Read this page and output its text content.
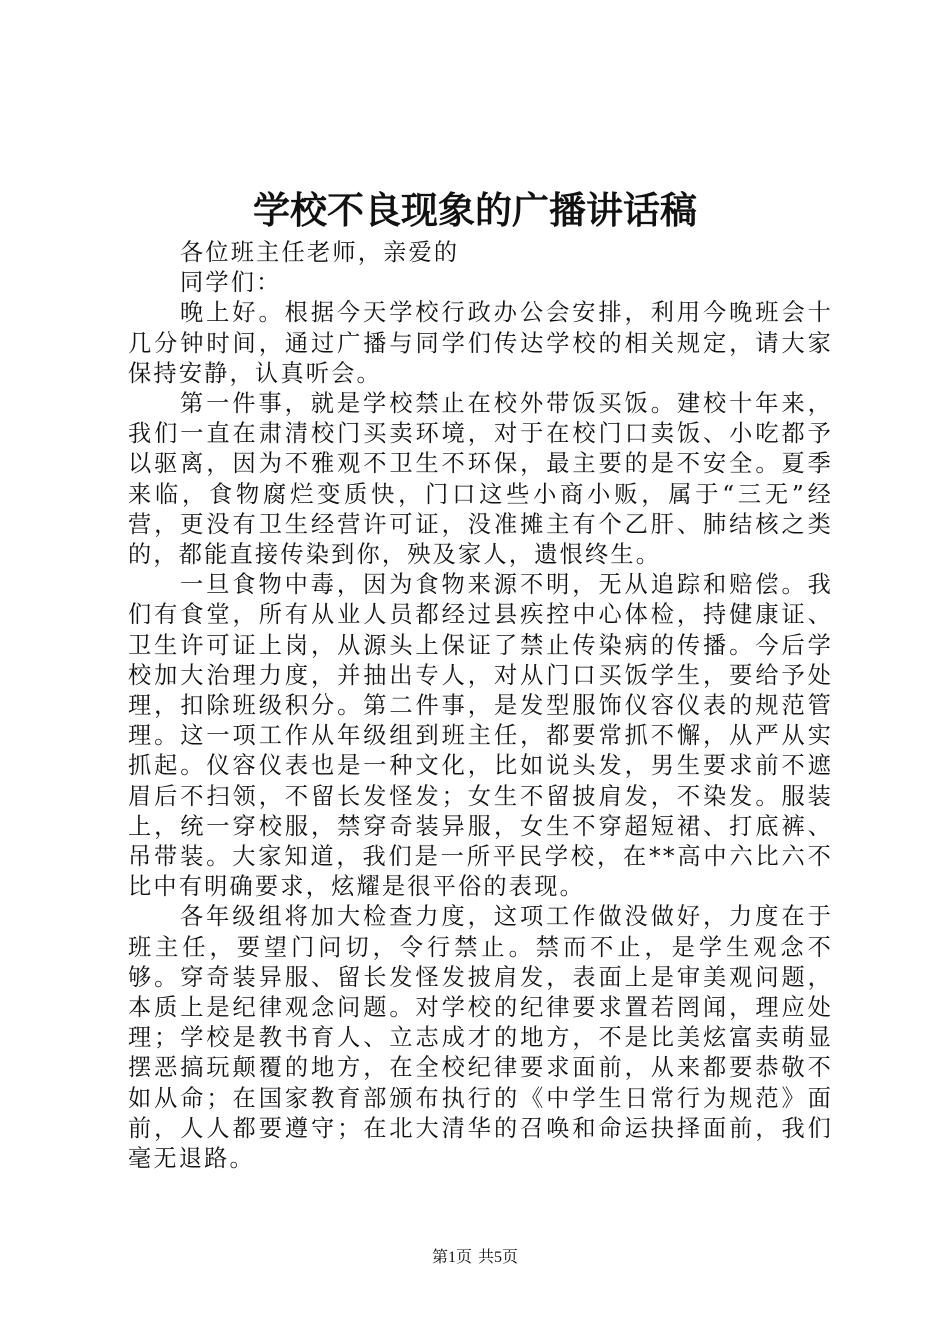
学校不良现象的广播讲话稿

各位班主任老师，亲爱的

同学们：

晚上好。根据今天学校行政办公会安排，利用今晚班会十几分钟时间，通过广播与同学们传达学校的相关规定，请大家保持安静，认真听会。

第一件事，就是学校禁止在校外带饭买饭。建校十年来，我们一直在肃清校门买卖环境，对于在校门口卖饭、小吃都予以驱离，因为不雅观不卫生不环保，最主要的是不安全。夏季来临，食物腐烂变质快，门口这些小商小贩，属于“三无”经营，更没有卫生经营许可证，没准摊主有个乙肝、肺结核之类的，都能直接传染到你，殃及家人，遗恨终生。

一旦食物中毒，因为食物来源不明，无从追踪和赔偿。我们有食堂，所有从业人员都经过县疾控中心体检，持健康证、卫生许可证上岗，从源头上保证了禁止传染病的传播。今后学校加大治理力度，并抽出专人，对从门口买饭学生，要给予处理，扣除班级积分。第二件事，是发型服饰仪容仪表的规范管理。这一项工作从年级组到班主任，都要常抓不懈，从严从实抓起。仪容仪表也是一种文化，比如说头发，男生要求前不遮眉后不扫领，不留长发怪发；女生不留披肩发，不染发。服装上，统一穿校服，禁穿奇装异服，女生不穿超短裙、打底裤、吊带装。大家知道，我们是一所平民学校，在**高中六比六不比中有明确要求，炫耀是很平俗的表现。

各年级组将加大检查力度，这项工作做没做好，力度在于班主任，要望门问切，令行禁止。禁而不止，是学生观念不够。穿奇装异服、留长发怪发披肩发，表面上是审美观问题，本质上是纪律观念问题。对学校的纪律要求置若罔闻，理应处理；学校是教书育人、立志成才的地方，不是比美炫富卖萌显摆恶搞玩颠覆的地方，在全校纪律要求面前，从来都要恭敬不如从命；在国家教育部颁布执行的《中学生日常行为规范》面前，人人都要遵守；在北大清华的召唤和命运抉择面前，我们毫无退路。

第1页 共5页
